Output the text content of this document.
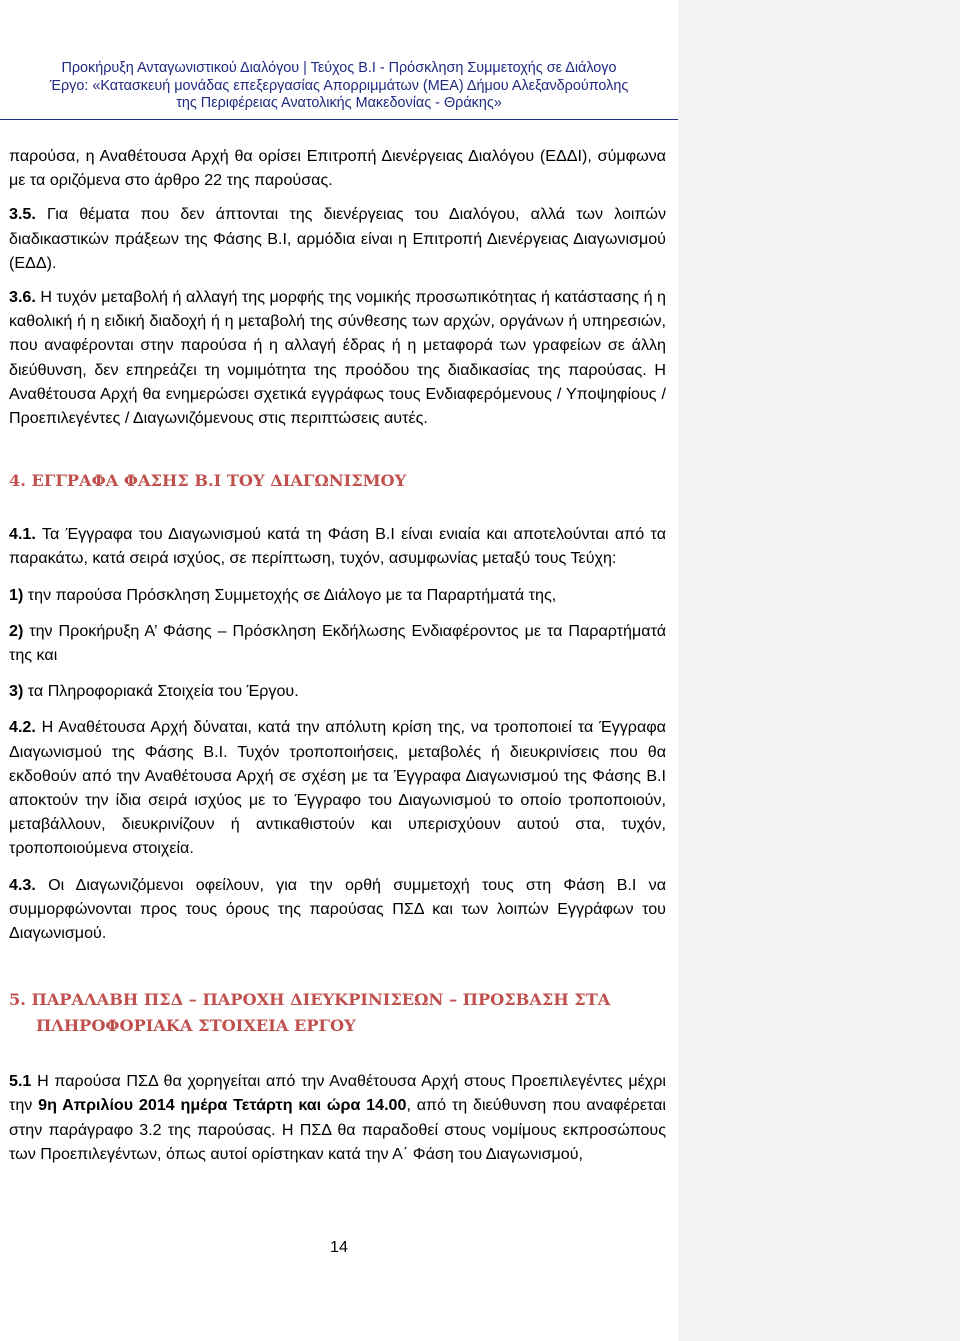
Προκήρυξη Ανταγωνιστικού Διαλόγου | Τεύχος Β.Ι - Πρόσκληση Συμμετοχής σε Διάλογο
Έργο: «Κατασκευή μονάδας επεξεργασίας Απορριμμάτων (ΜΕΑ) Δήμου Αλεξανδρούπολης
της Περιφέρειας Ανατολικής Μακεδονίας - Θράκης»

παρούσα, η Αναθέτουσα Αρχή θα ορίσει Επιτροπή Διενέργειας Διαλόγου (ΕΔΔΙ), σύμφωνα με τα οριζόμενα στο άρθρο 22 της παρούσας.

3.5. Για θέματα που δεν άπτονται της διενέργειας του Διαλόγου, αλλά των λοιπών διαδικαστικών πράξεων της Φάσης Β.Ι, αρμόδια είναι η Επιτροπή Διενέργειας Διαγωνισμού (ΕΔΔ).

3.6. Η τυχόν μεταβολή ή αλλαγή της μορφής της νομικής προσωπικότητας ή κατάστασης ή η καθολική ή η ειδική διαδοχή ή η μεταβολή της σύνθεσης των αρχών, οργάνων ή υπηρεσιών, που αναφέρονται στην παρούσα ή η αλλαγή έδρας ή η μεταφορά των γραφείων σε άλλη διεύθυνση, δεν επηρεάζει τη νομιμότητα της προόδου της διαδικασίας της παρούσας. Η Αναθέτουσα Αρχή θα ενημερώσει σχετικά εγγράφως τους Ενδιαφερόμενους / Υποψηφίους / Προεπιλεγέντες / Διαγωνιζόμενους στις περιπτώσεις αυτές.

4. ΕΓΓΡΑΦΑ ΦΑΣΗΣ Β.Ι ΤΟΥ ΔΙΑΓΩΝΙΣΜΟΥ

4.1. Τα Έγγραφα του Διαγωνισμού κατά τη Φάση Β.Ι είναι ενιαία και αποτελούνται από τα παρακάτω, κατά σειρά ισχύος, σε περίπτωση, τυχόν, ασυμφωνίας μεταξύ τους Τεύχη:

1) την παρούσα Πρόσκληση Συμμετοχής σε Διάλογο με τα Παραρτήματά της,

2) την Προκήρυξη Α’ Φάσης – Πρόσκληση Εκδήλωσης Ενδιαφέροντος με τα Παραρτήματά της και

3) τα Πληροφοριακά Στοιχεία του Έργου.

4.2. Η Αναθέτουσα Αρχή δύναται, κατά την απόλυτη κρίση της, να τροποποιεί τα Έγγραφα Διαγωνισμού της Φάσης Β.Ι. Τυχόν τροποποιήσεις, μεταβολές ή διευκρινίσεις που θα εκδοθούν από την Αναθέτουσα Αρχή σε σχέση με τα Έγγραφα Διαγωνισμού της Φάσης Β.Ι αποκτούν την ίδια σειρά ισχύος με το Έγγραφο του Διαγωνισμού το οποίο τροποποιούν, μεταβάλλουν, διευκρινίζουν ή αντικαθιστούν και υπερισχύουν αυτού στα, τυχόν, τροποποιούμενα στοιχεία.

4.3. Οι Διαγωνιζόμενοι οφείλουν, για την ορθή συμμετοχή τους στη Φάση Β.Ι να συμμορφώνονται προς τους όρους της παρούσας ΠΣΔ και των λοιπών Εγγράφων του Διαγωνισμού.

5. ΠΑΡΑΛΑΒΗ ΠΣΔ – ΠΑΡΟΧΗ ΔΙΕΥΚΡΙΝΙΣΕΩΝ – ΠΡΟΣΒΑΣΗ ΣΤΑ
ΠΛΗΡΟΦΟΡΙΑΚΑ ΣΤΟΙΧΕΙΑ ΕΡΓΟΥ

5.1 Η παρούσα ΠΣΔ θα χορηγείται από την Αναθέτουσα Αρχή στους Προεπιλεγέντες μέχρι την 9η Απριλίου 2014 ημέρα Τετάρτη και ώρα 14.00, από τη διεύθυνση που αναφέρεται στην παράγραφο 3.2 της παρούσας. Η ΠΣΔ θα παραδοθεί στους νομίμους εκπροσώπους των Προεπιλεγέντων, όπως αυτοί ορίστηκαν κατά την Α΄ Φάση του Διαγωνισμού,

14
